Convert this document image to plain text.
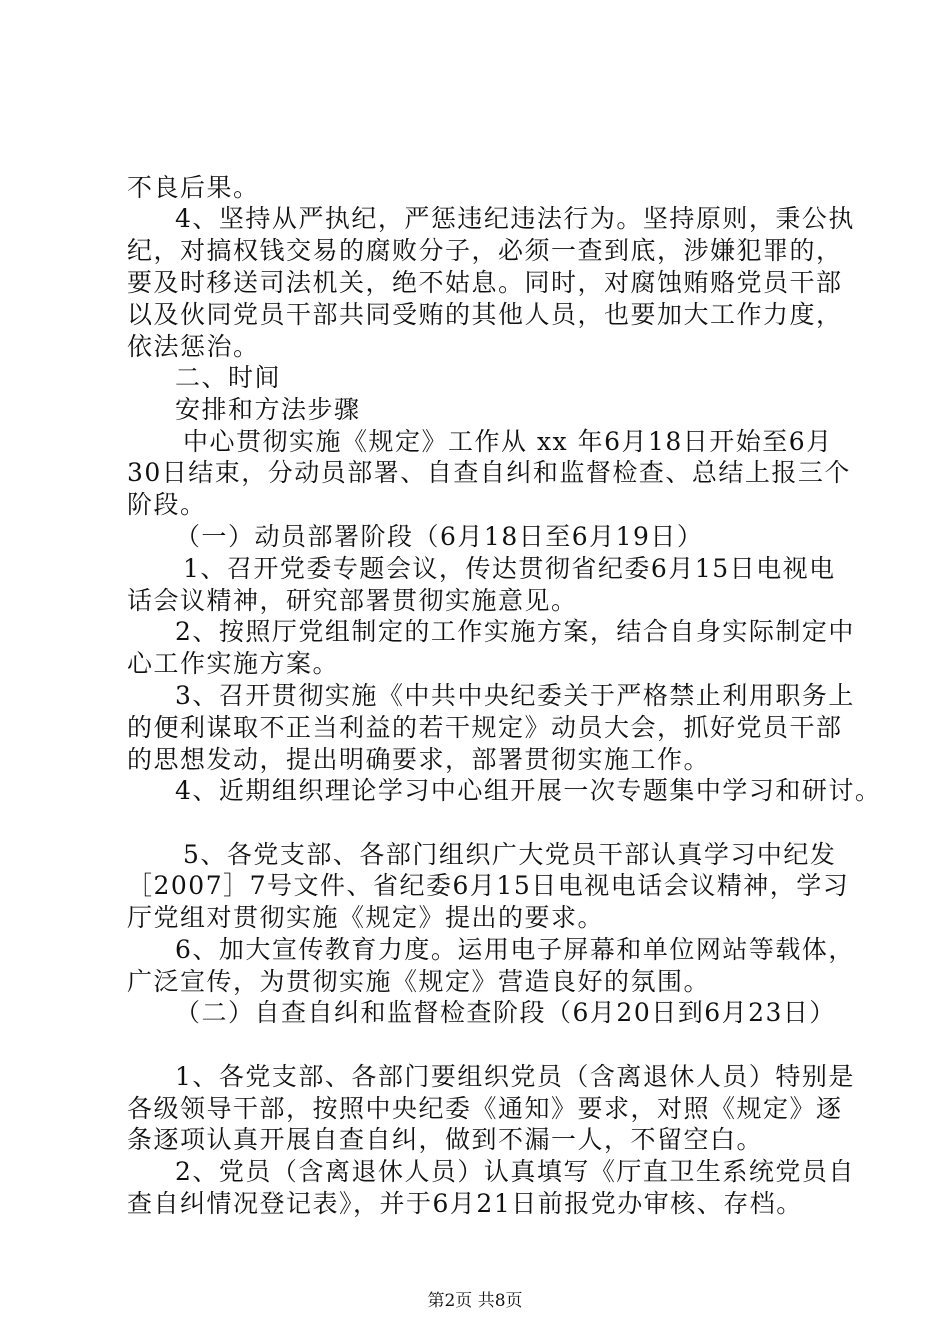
不良后果。
4、坚持从严执纪，严惩违纪违法行为。坚持原则，秉公执
纪，对搞权钱交易的腐败分子，必须一查到底，涉嫌犯罪的，
要及时移送司法机关，绝不姑息。同时，对腐蚀贿赂党员干部
以及伙同党员干部共同受贿的其他人员，也要加大工作力度，
依法惩治。
二、时间
安排和方法步骤
中心贯彻实施《规定》工作从 xx 年6月18日开始至6月
30日结束，分动员部署、自查自纠和监督检查、总结上报三个
阶段。
（一）动员部署阶段（6月18日至6月19日）
1、召开党委专题会议，传达贯彻省纪委6月15日电视电
话会议精神，研究部署贯彻实施意见。
2、按照厅党组制定的工作实施方案，结合自身实际制定中
心工作实施方案。
3、召开贯彻实施《中共中央纪委关于严格禁止利用职务上
的便利谋取不正当利益的若干规定》动员大会，抓好党员干部
的思想发动，提出明确要求，部署贯彻实施工作。
4、近期组织理论学习中心组开展一次专题集中学习和研讨。
5、各党支部、各部门组织广大党员干部认真学习中纪发
［2007］7号文件、省纪委6月15日电视电话会议精神，学习
厅党组对贯彻实施《规定》提出的要求。
6、加大宣传教育力度。运用电子屏幕和单位网站等载体，
广泛宣传，为贯彻实施《规定》营造良好的氛围。
（二）自查自纠和监督检查阶段（6月20日到6月23日）
1、各党支部、各部门要组织党员（含离退休人员）特别是
各级领导干部，按照中央纪委《通知》要求，对照《规定》逐
条逐项认真开展自查自纠，做到不漏一人，不留空白。
2、党员（含离退休人员）认真填写《厅直卫生系统党员自
查自纠情况登记表》，并于6月21日前报党办审核、存档。
第2页 共8页
